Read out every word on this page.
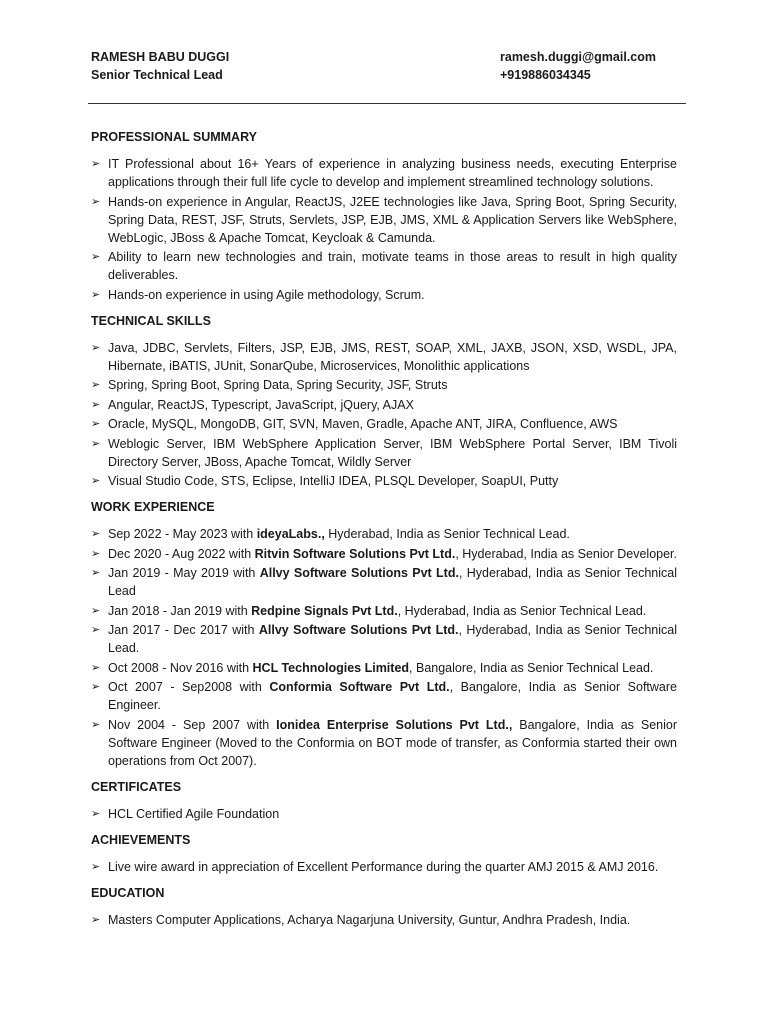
RAMESH BABU DUGGI
Senior Technical Lead
ramesh.duggi@gmail.com
+919886034345
PROFESSIONAL SUMMARY
➢ IT Professional about 16+ Years of experience in analyzing business needs, executing Enterprise applications through their full life cycle to develop and implement streamlined technology solutions.
➢ Hands-on experience in Angular, ReactJS, J2EE technologies like Java, Spring Boot, Spring Security, Spring Data, REST, JSF, Struts, Servlets, JSP, EJB, JMS, XML & Application Servers like WebSphere, WebLogic, JBoss & Apache Tomcat, Keycloak & Camunda.
➢ Ability to learn new technologies and train, motivate teams in those areas to result in high quality deliverables.
➢ Hands-on experience in using Agile methodology, Scrum.
TECHNICAL SKILLS
➢ Java, JDBC, Servlets, Filters, JSP, EJB, JMS, REST, SOAP, XML, JAXB, JSON, XSD, WSDL, JPA, Hibernate, iBATIS, JUnit, SonarQube, Microservices, Monolithic applications
➢ Spring, Spring Boot, Spring Data, Spring Security, JSF, Struts
➢ Angular, ReactJS, Typescript, JavaScript, jQuery, AJAX
➢ Oracle, MySQL, MongoDB, GIT, SVN, Maven, Gradle, Apache ANT, JIRA, Confluence, AWS
➢ Weblogic Server, IBM WebSphere Application Server, IBM WebSphere Portal Server, IBM Tivoli Directory Server, JBoss, Apache Tomcat, Wildly Server
➢ Visual Studio Code, STS, Eclipse, IntelliJ IDEA, PLSQL Developer, SoapUI, Putty
WORK EXPERIENCE
➢ Sep 2022 - May 2023 with ideyaLabs., Hyderabad, India as Senior Technical Lead.
➢ Dec 2020 - Aug 2022 with Ritvin Software Solutions Pvt Ltd., Hyderabad, India as Senior Developer.
➢ Jan 2019 - May 2019 with Allvy Software Solutions Pvt Ltd., Hyderabad, India as Senior Technical Lead
➢ Jan 2018 - Jan 2019 with Redpine Signals Pvt Ltd., Hyderabad, India as Senior Technical Lead.
➢ Jan 2017 - Dec 2017 with Allvy Software Solutions Pvt Ltd., Hyderabad, India as Senior Technical Lead.
➢ Oct 2008 - Nov 2016 with HCL Technologies Limited, Bangalore, India as Senior Technical Lead.
➢ Oct 2007 - Sep2008 with Conformia Software Pvt Ltd., Bangalore, India as Senior Software Engineer.
➢ Nov 2004 - Sep 2007 with Ionidea Enterprise Solutions Pvt Ltd., Bangalore, India as Senior Software Engineer (Moved to the Conformia on BOT mode of transfer, as Conformia started their own operations from Oct 2007).
CERTIFICATES
➢ HCL Certified Agile Foundation
ACHIEVEMENTS
➢ Live wire award in appreciation of Excellent Performance during the quarter AMJ 2015 & AMJ 2016.
EDUCATION
➢ Masters Computer Applications, Acharya Nagarjuna University, Guntur, Andhra Pradesh, India.
